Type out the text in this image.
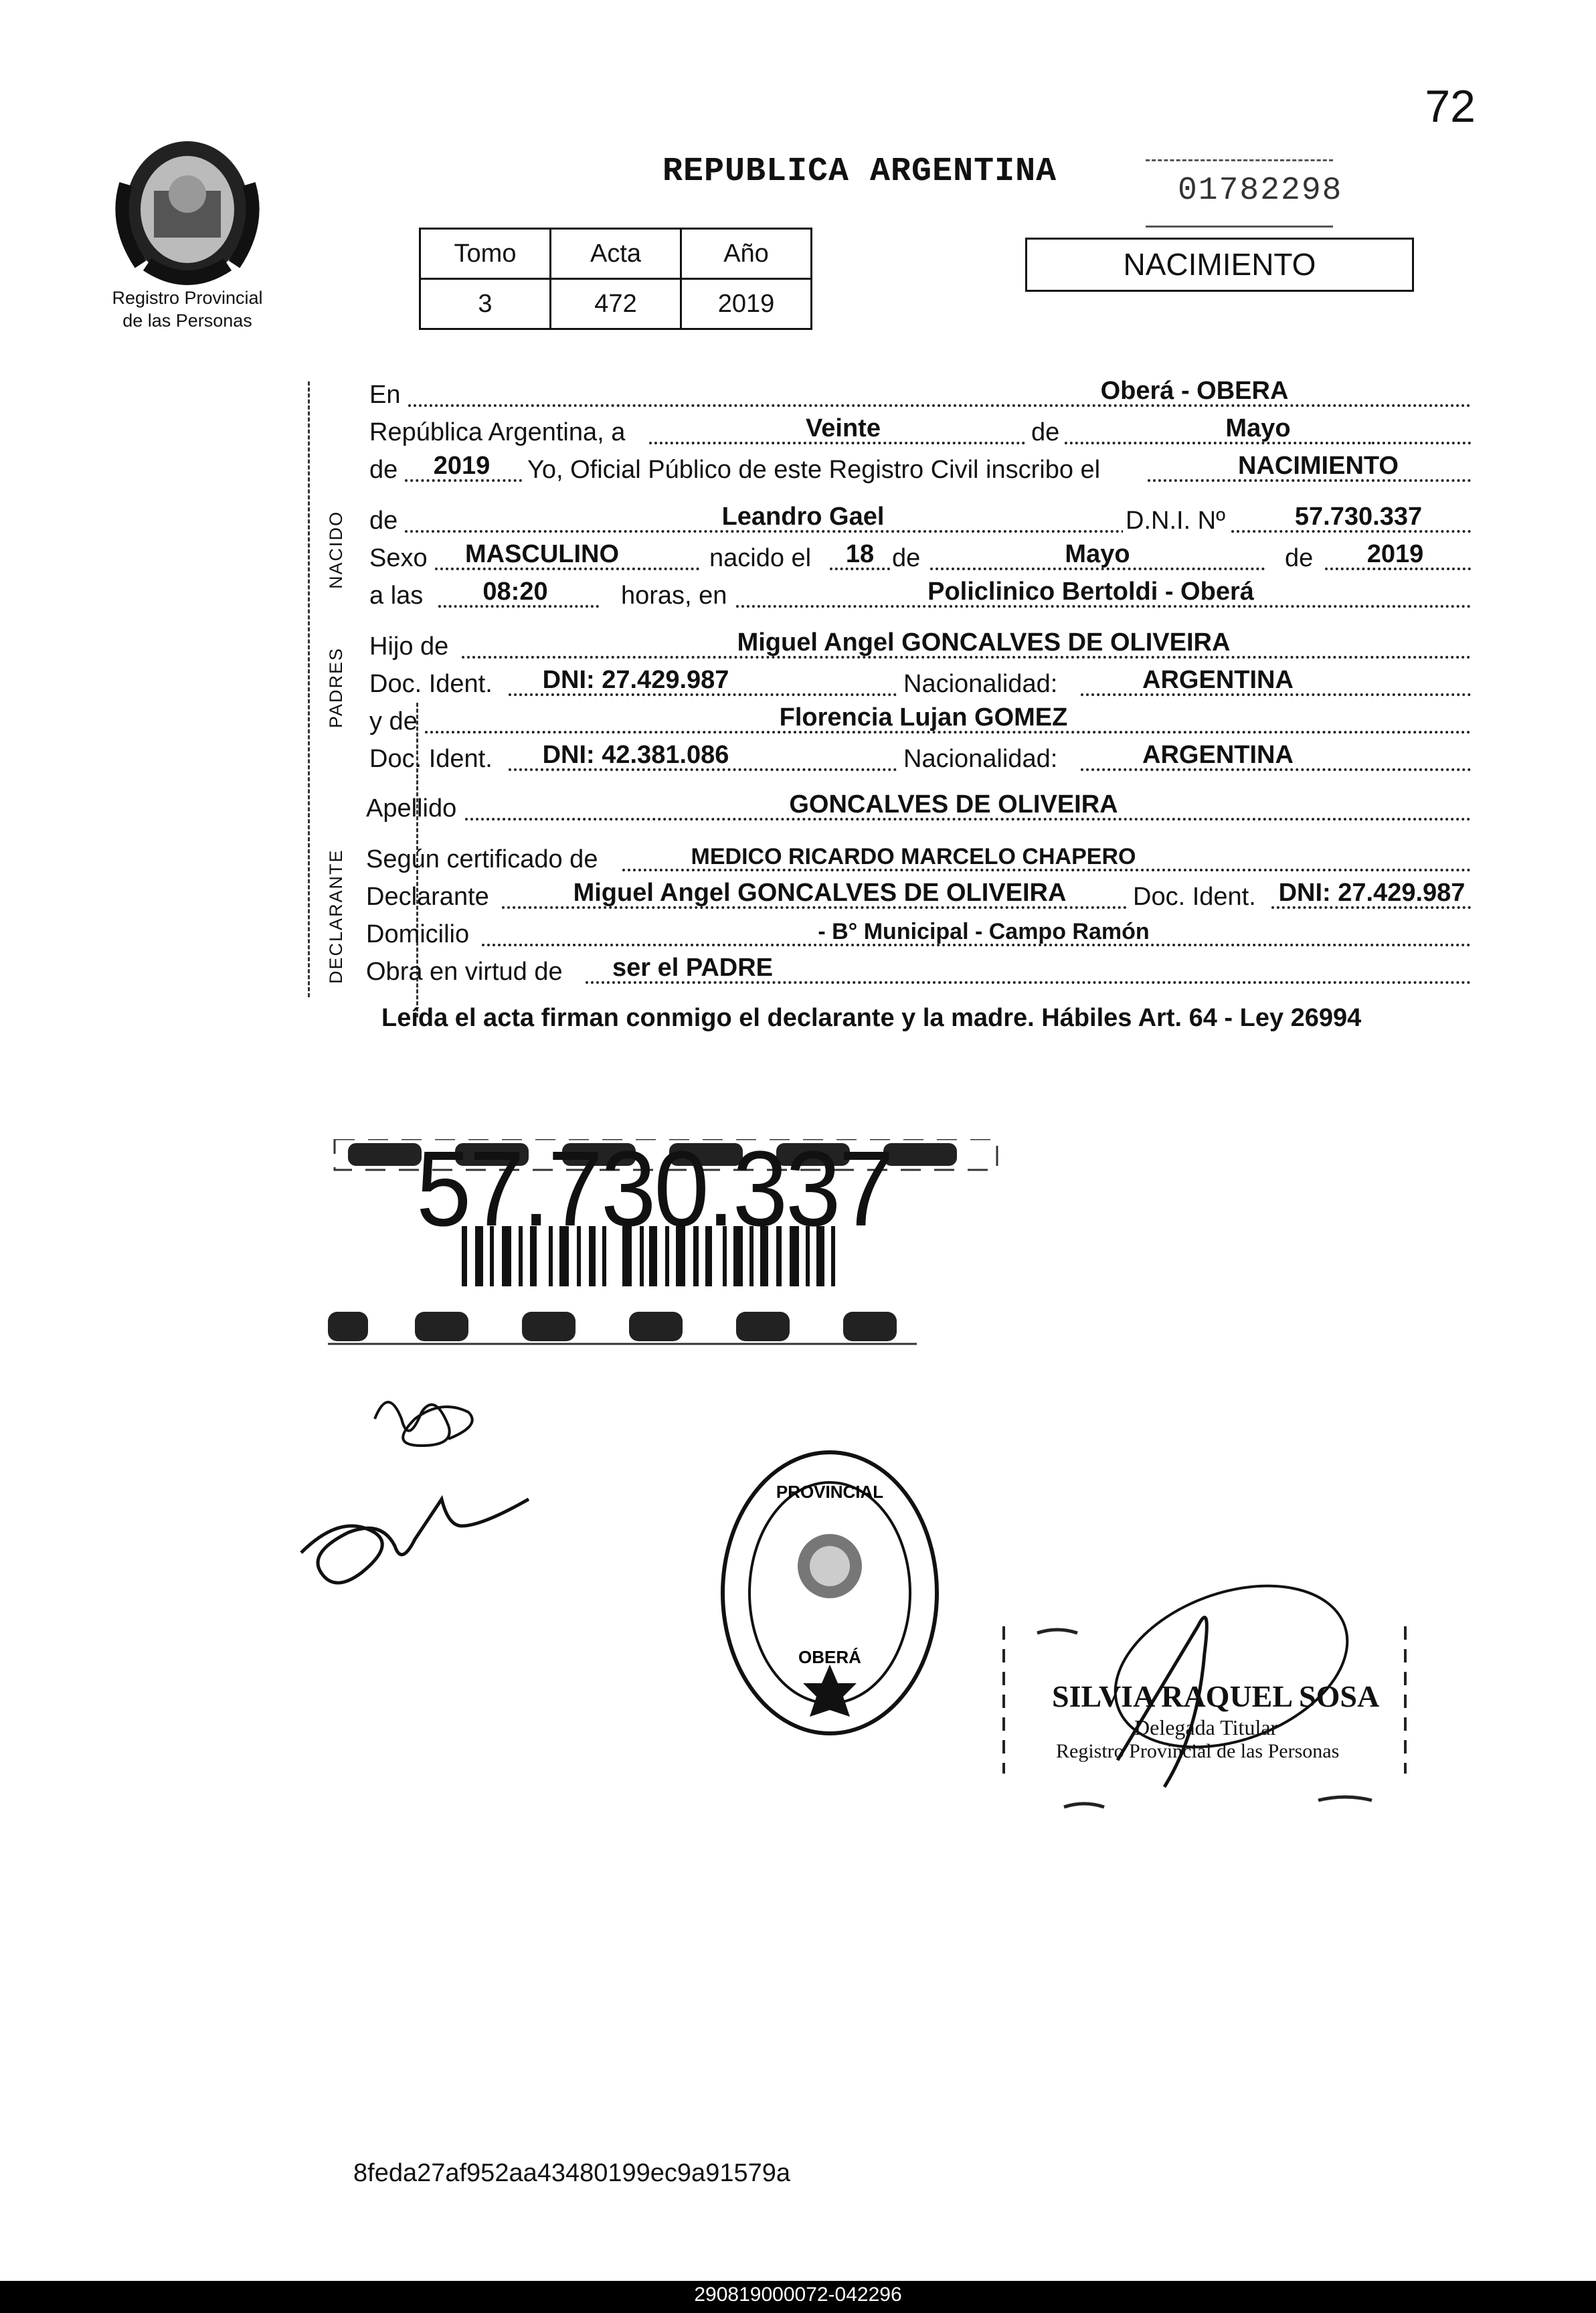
72
Registro Provincial
de las Personas
REPUBLICA ARGENTINA	01782298
Tomo	Acta	Año
3	472	2019
NACIMIENTO
NACIDO
PADRES
DECLARANTE
En	Oberá - OBERA
República Argentina, a	Veinte	de	Mayo
de	2019	Yo, Oficial Público de este Registro Civil inscribo el	NACIMIENTO
de	Leandro Gael	D.N.I. Nº	57.730.337
Sexo	MASCULINO	nacido el	18 de	Mayo	de	2019
a las	08:20	horas, en	Policlinico Bertoldi - Oberá
Hijo de	Miguel Angel GONCALVES DE OLIVEIRA
Doc. Ident.	DNI: 27.429.987	Nacionalidad:	ARGENTINA
y de	Florencia Lujan GOMEZ
Doc. Ident.	DNI: 42.381.086	Nacionalidad:	ARGENTINA
Apellido	GONCALVES DE OLIVEIRA
Según certificado de	MEDICO RICARDO MARCELO CHAPERO
Declarante	Miguel Angel GONCALVES DE OLIVEIRA	Doc. Ident. DNI: 27.429.987
Domicilio	- B° Municipal - Campo Ramón
Obra en virtud de	ser el PADRE
Leída el acta firman conmigo el declarante y la madre. Hábiles Art. 64 - Ley 26994
57.730.337
PROVINCIAL
OBERÁ
SILVIA RAQUEL SOSA
Delegada Titular
Registro Provincial de las Personas
8feda27af952aa43480199ec9a91579a
290819000072-042296
